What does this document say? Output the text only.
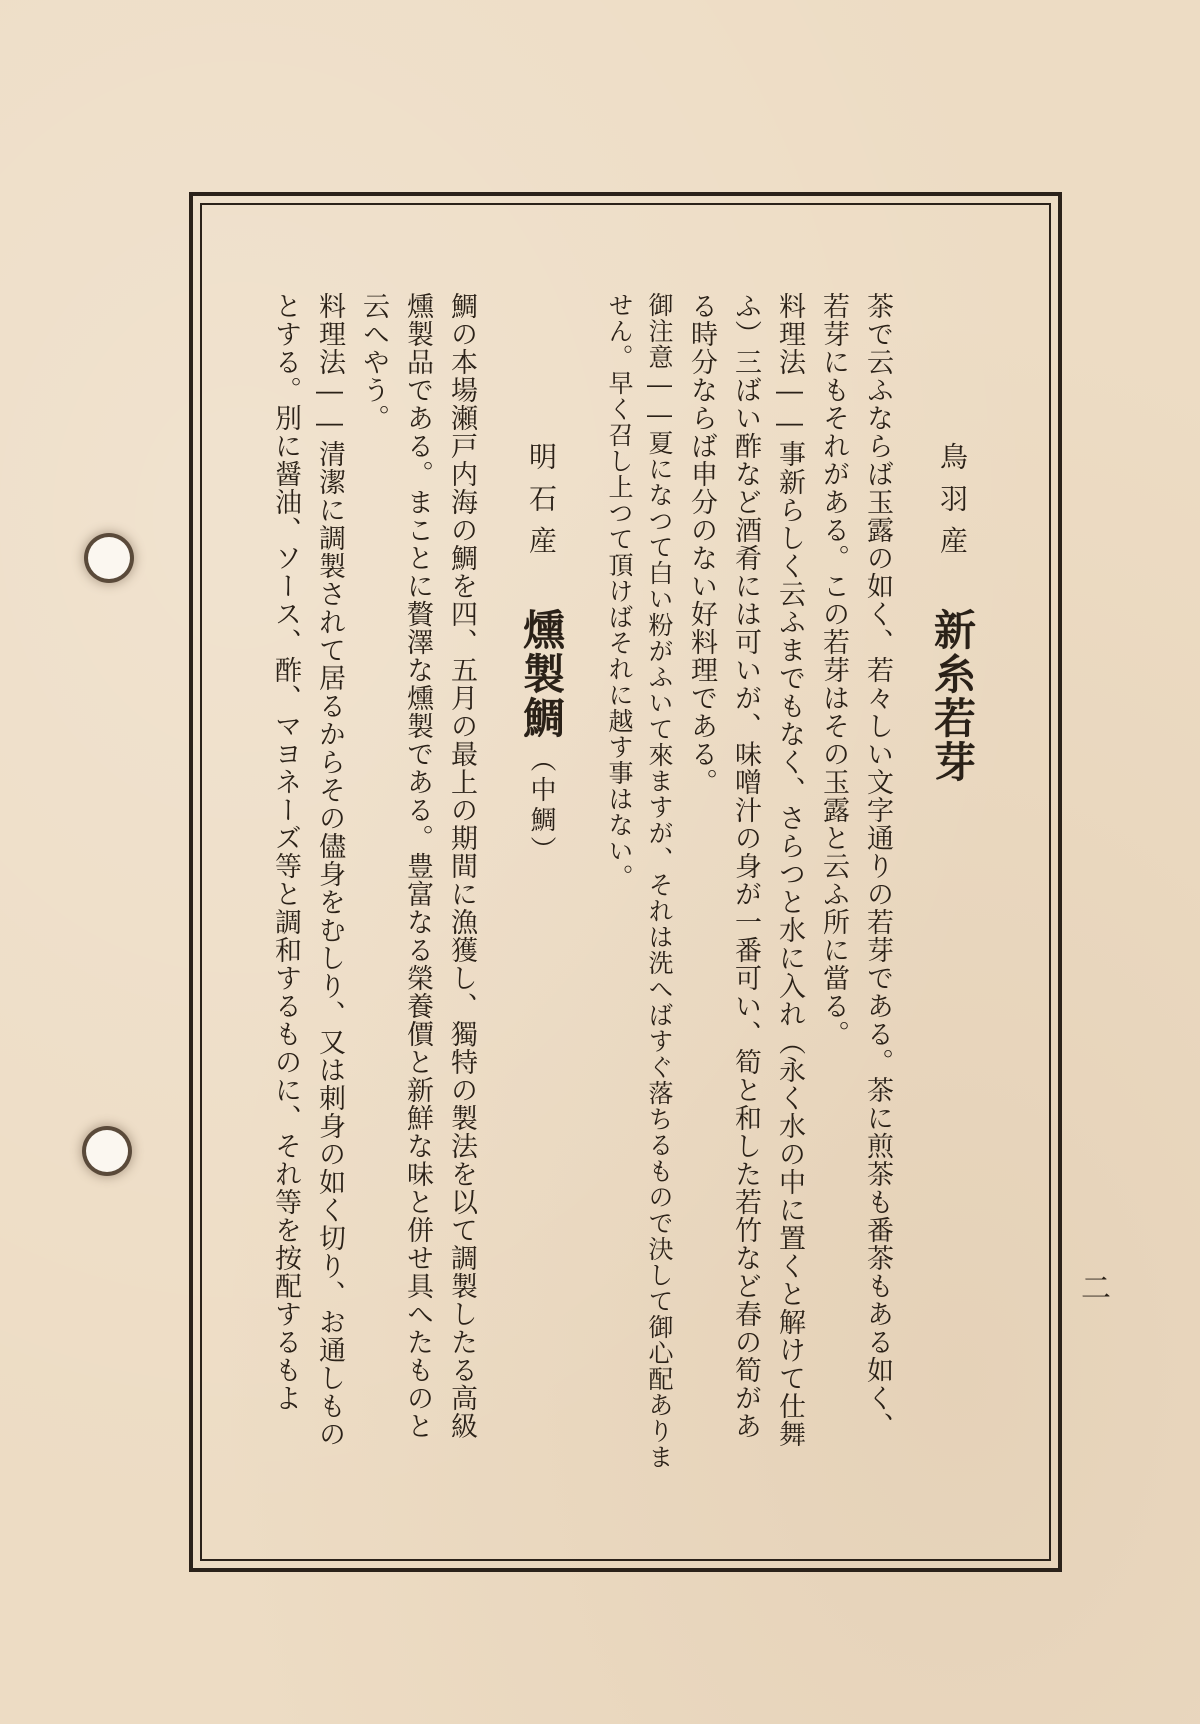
鳥羽産新糸若芽

茶で云ふならば玉露の如く、若々しい文字通りの若芽である。茶に煎茶も番茶もある如く、

若芽にもそれがある。この若芽はその玉露と云ふ所に當る。

料理法――事新らしく云ふまでもなく、さらつと水に入れ（永く水の中に置くと解けて仕舞

ふ）三ばい酢など酒肴には可いが、味噌汁の身が一番可い、筍と和した若竹など春の筍があ

る時分ならば申分のない好料理である。

御注意――夏になつて白い粉がふいて來ますが、それは洗へばすぐ落ちるもので決して御心配ありま

せん。早く召し上つて頂けばそれに越す事はない。

明石産燻製鯛（中鯛）

鯛の本場瀬戸内海の鯛を四、五月の最上の期間に漁獲し、獨特の製法を以て調製したる高級

燻製品である。まことに贅澤な燻製である。豊富なる榮養價と新鮮な味と併せ具へたものと

云へやう。

料理法――清潔に調製されて居るからその儘身をむしり、又は刺身の如く切り、お通しもの

とする。別に醤油、ソース、酢、マヨネーズ等と調和するものに、それ等を按配するもよ	二
